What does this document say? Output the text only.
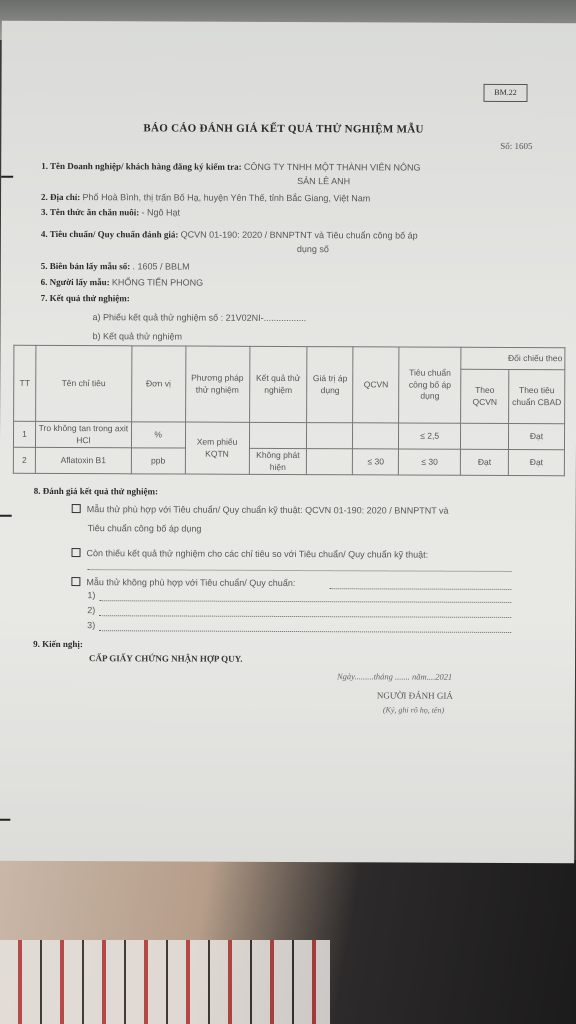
BM.22
BÁO CÁO ĐÁNH GIÁ KẾT QUẢ THỬ NGHIỆM MẪU
Số: 1605
1. Tên Doanh nghiệp/ khách hàng đăng ký kiểm tra: CÔNG TY TNHH MỘT THÀNH VIÊN NÔNG
SẢN LÊ ANH
2. Địa chỉ: Phố Hoà Bình, thị trấn Bố Hạ, huyện Yên Thế, tỉnh Bắc Giang, Việt Nam
3. Tên thức ăn chăn nuôi: - Ngô Hạt
4. Tiêu chuẩn/ Quy chuẩn đánh giá: QCVN 01-190: 2020 / BNNPTNT và Tiêu chuẩn công bố áp
dụng số
5. Biên bản lấy mẫu số: . 1605 / BBLM
6. Người lấy mẫu: KHỔNG TIẾN PHONG
7. Kết quả thử nghiệm:
a) Phiếu kết quả thử nghiệm số : 21V02NI-.................
b) Kết quả thử nghiệm
TT	Tên chỉ tiêu	Đơn vị	Phương pháp thử nghiệm	Kết quả thử nghiệm	Giá trị áp dụng	QCVN	Tiêu chuẩn công bố áp dụng	Đối chiếu theo	
								Theo QCVN	Theo tiêu chuẩn CBAD
1	Tro không tan trong axit HCl	%	Xem phiếu KQTN				≤ 2,5		Đạt
2	Aflatoxin B1	ppb		Không phát hiện		≤ 30	≤ 30	Đạt	Đạt
8. Đánh giá kết quả thử nghiệm:
Mẫu thử phù hợp với Tiêu chuẩn/ Quy chuẩn kỹ thuật: QCVN 01-190: 2020 / BNNPTNT và
Tiêu chuẩn công bố áp dụng
Còn thiếu kết quả thử nghiệm cho các chỉ tiêu so với Tiêu chuẩn/ Quy chuẩn kỹ thuật:
Mẫu thử không phù hợp với Tiêu chuẩn/ Quy chuẩn:
1)
2)
3)
9. Kiến nghị:
CẤP GIẤY CHỨNG NHẬN HỢP QUY.
Ngày.........tháng ....... năm....2021
NGƯỜI ĐÁNH GIÁ
(Ký, ghi rõ họ, tên)
